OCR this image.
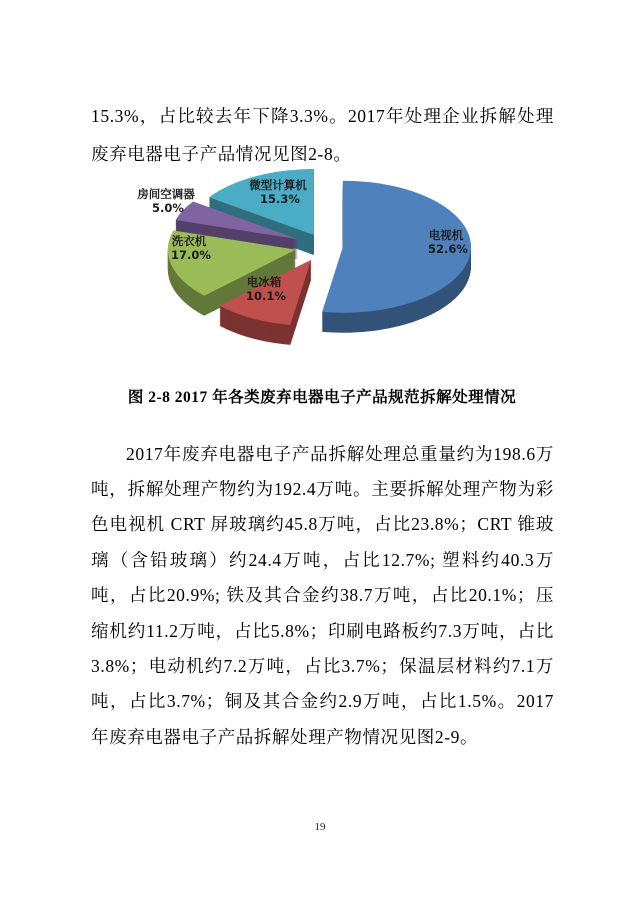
15.3%，占比较去年下降3.3%。2017年处理企业拆解处理废弃电器电子产品情况见图2-8。

电视机
52.6%
电冰箱
10.1%
洗衣机
17.0%
房间空调器
5.0%
微型计算机
15.3%
图 2-8 2017 年各类废弃电器电子产品规范拆解处理情况

2017年废弃电器电子产品拆解处理总重量约为198.6万吨，拆解处理产物约为192.4万吨。主要拆解处理产物为彩色电视机 CRT 屏玻璃约45.8万吨，占比23.8%；CRT 锥玻璃（含铅玻璃）约24.4万吨，占比12.7%; 塑料约40.3万吨，占比20.9%; 铁及其合金约38.7万吨，占比20.1%；压缩机约11.2万吨，占比5.8%；印刷电路板约7.3万吨，占比3.8%；电动机约7.2万吨，占比3.7%；保温层材料约7.1万吨，占比3.7%；铜及其合金约2.9万吨，占比1.5%。2017年废弃电器电子产品拆解处理产物情况见图2-9。

19
